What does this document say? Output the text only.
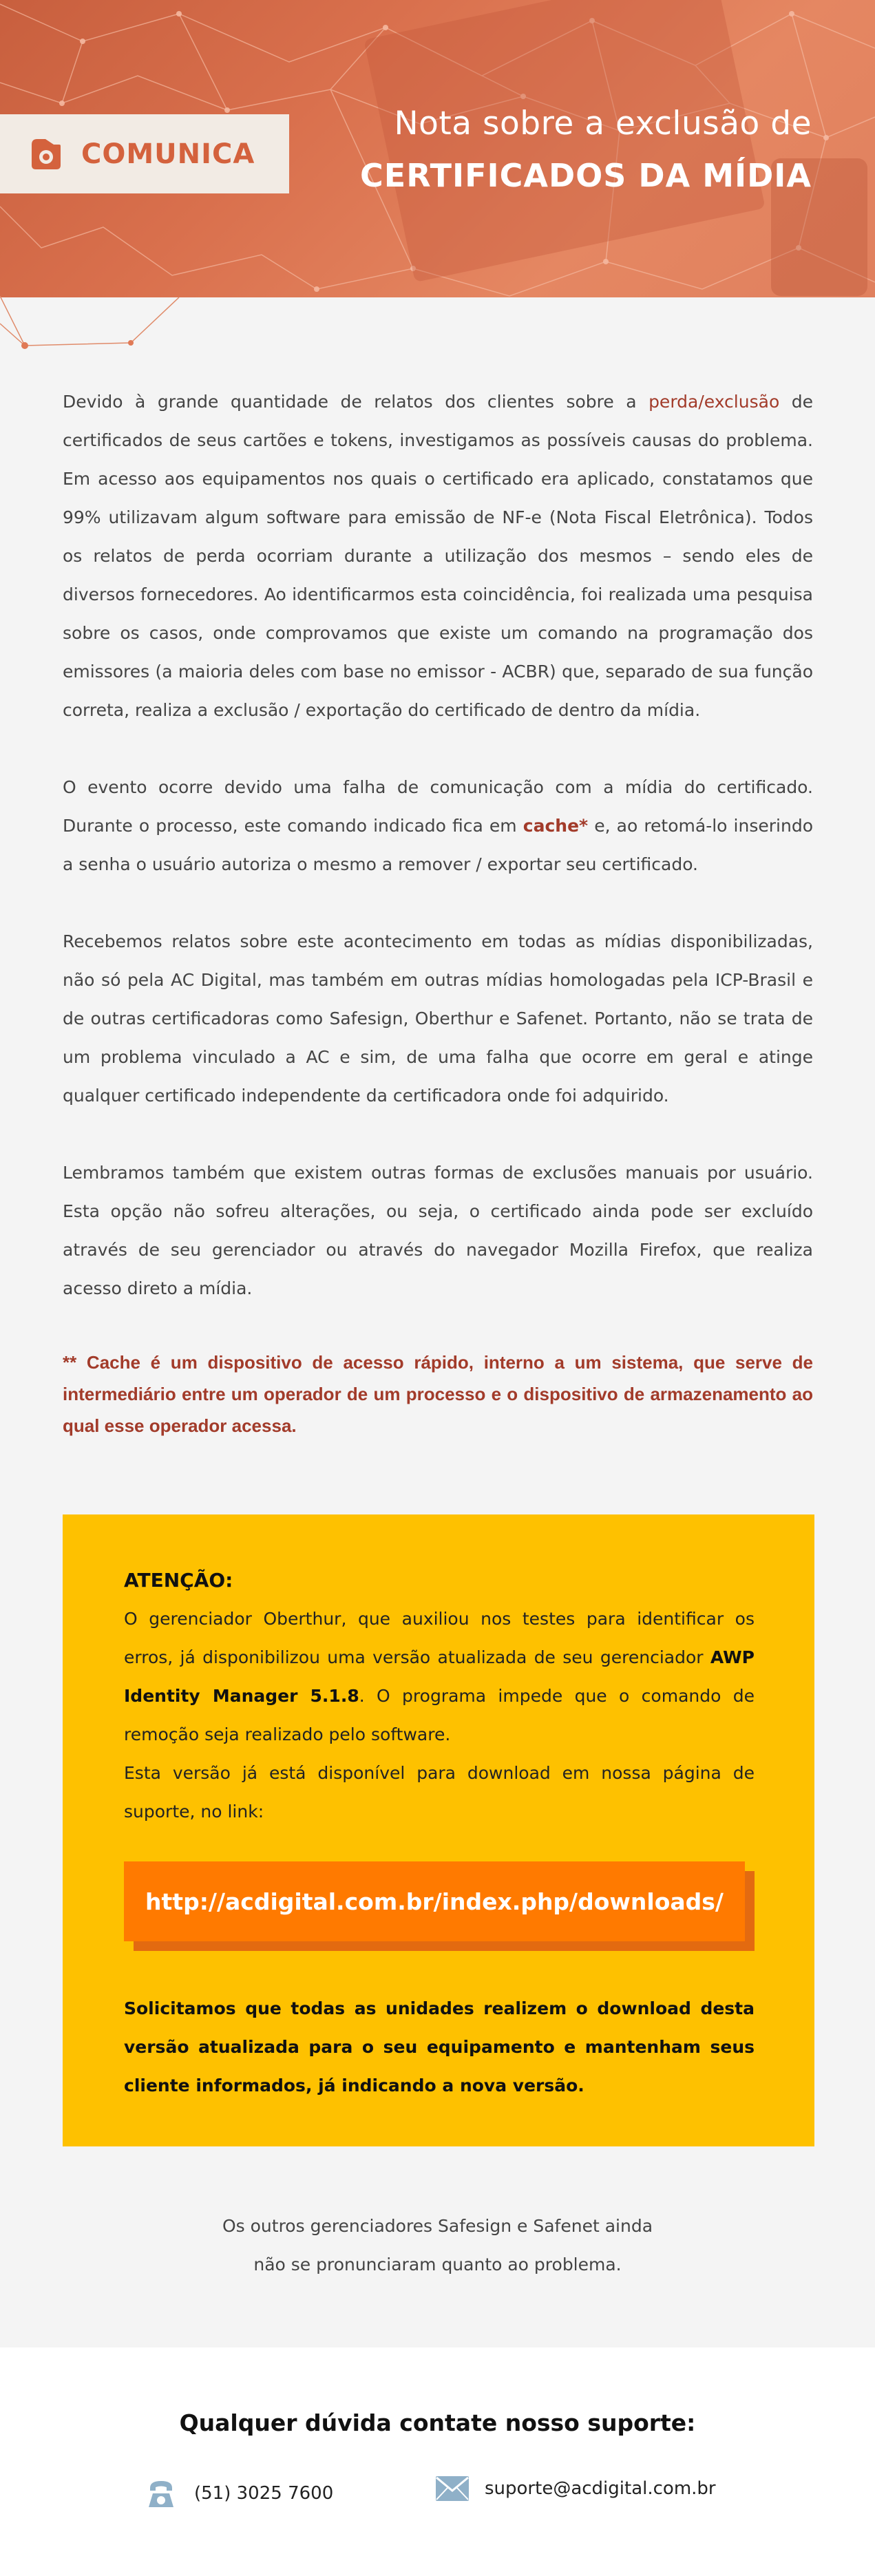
COMUNICA
Nota sobre a exclusão de
CERTIFICADOS DA MÍDIA

Devido à grande quantidade de relatos dos clientes sobre a perda/exclusão de certificados de seus cartões e tokens, investigamos as possíveis causas do problema. Em acesso aos equipamentos nos quais o certificado era aplicado, constatamos que 99% utilizavam algum software para emissão de NF-e (Nota Fiscal Eletrônica). Todos os relatos de perda ocorriam durante a utilização dos mesmos – sendo eles de diversos fornecedores. Ao identificarmos esta coincidência, foi realizada uma pesquisa sobre os casos, onde comprovamos que existe um comando na programação dos emissores (a maioria deles com base no emissor - ACBR) que, separado de sua função correta, realiza a exclusão / exportação do certificado de dentro da mídia.

O evento ocorre devido uma falha de comunicação com a mídia do certificado. Durante o processo, este comando indicado fica em cache* e, ao retomá-lo inserindo a senha o usuário autoriza o mesmo a remover / exportar seu certificado.

Recebemos relatos sobre este acontecimento em todas as mídias disponibilizadas, não só pela AC Digital, mas também em outras mídias homologadas pela ICP-Brasil e de outras certificadoras como Safesign, Oberthur e Safenet. Portanto, não se trata de um problema vinculado a AC e sim, de uma falha que ocorre em geral e atinge qualquer certificado independente da certificadora onde foi adquirido.

Lembramos também que existem outras formas de exclusões manuais por usuário. Esta opção não sofreu alterações, ou seja, o certificado ainda pode ser excluído através de seu gerenciador ou através do navegador Mozilla Firefox, que realiza acesso direto a mídia.

** Cache é um dispositivo de acesso rápido, interno a um sistema, que serve de intermediário entre um operador de um processo e o dispositivo de armazenamento ao qual esse operador acessa.
ATENÇÃO:

O gerenciador Oberthur, que auxiliou nos testes para identificar os erros, já disponibilizou uma versão atualizada de seu gerenciador AWP Identity Manager 5.1.8. O programa impede que o comando de remoção seja realizado pelo software.

Esta versão já está disponível para download em nossa página de suporte, no link:

http://acdigital.com.br/index.php/downloads/

Solicitamos que todas as unidades realizem o download desta versão atualizada para o seu equipamento e mantenham seus cliente informados, já indicando a nova versão.

Os outros gerenciadores Safesign e Safenet ainda
não se pronunciaram quanto ao problema.
Qualquer dúvida contate nosso suporte:
(51) 3025 7600	suporte@acdigital.com.br
